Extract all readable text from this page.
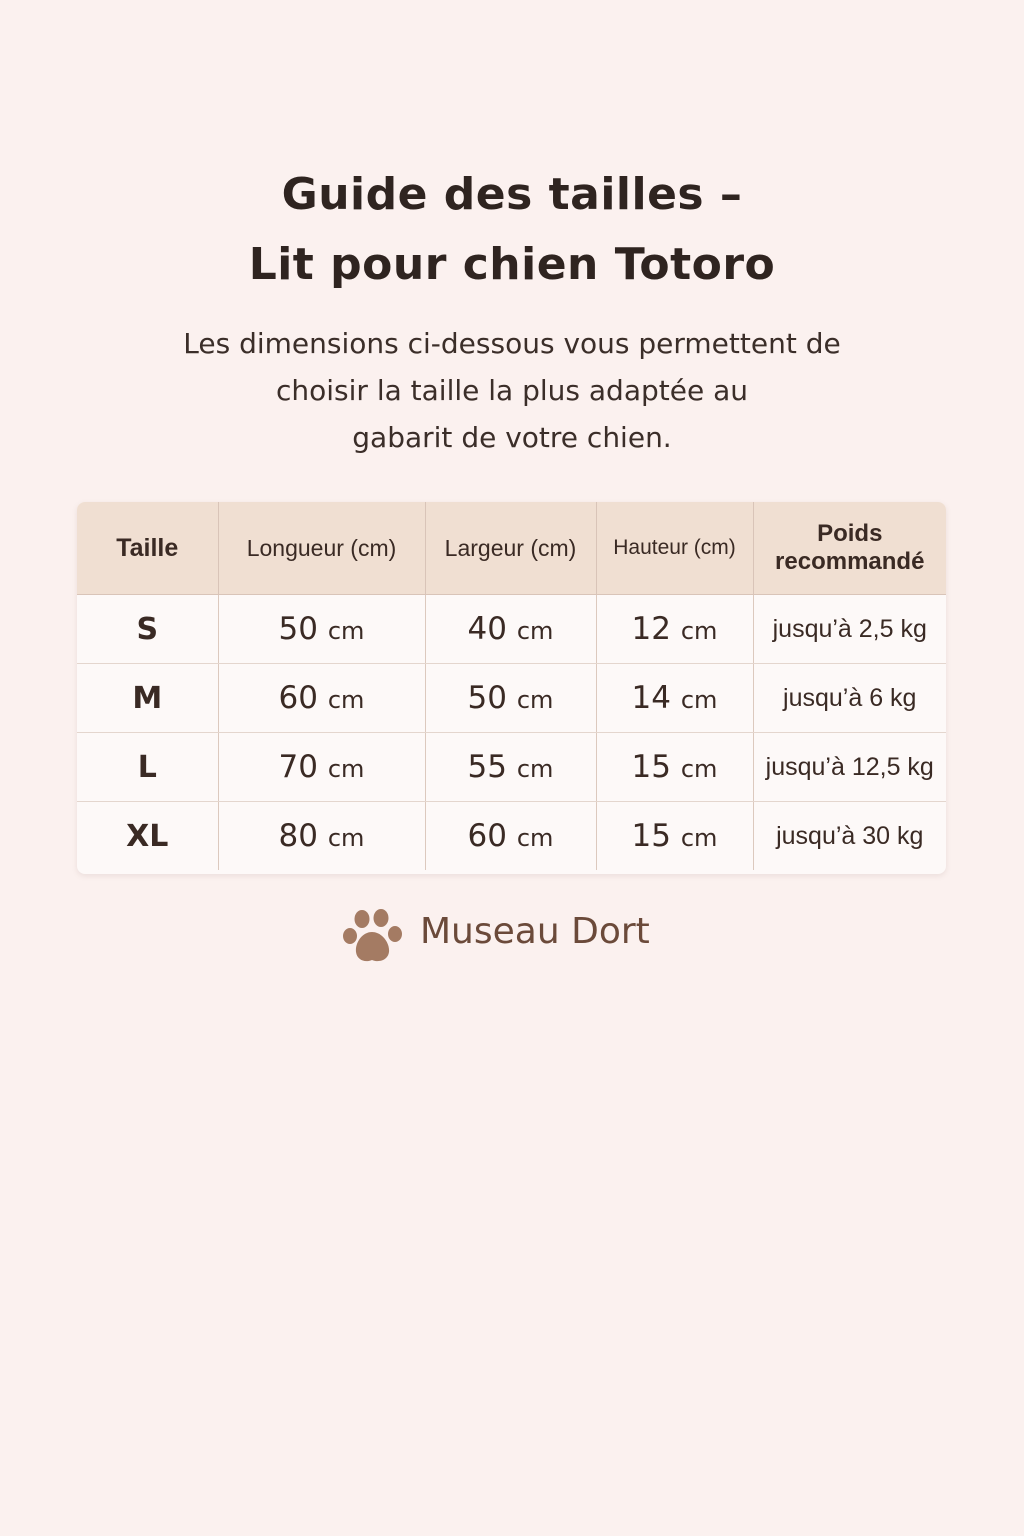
Guide des tailles –
Lit pour chien Totoro
Les dimensions ci-dessous vous permettent de
choisir la taille la plus adaptée au
gabarit de votre chien.
Taille	Longueur (cm)	Largeur (cm)	Hauteur (cm)	Poids
recommandé

S	50 cm	40 cm	12 cm	jusqu’à 2,5 kg
M	60 cm	50 cm	14 cm	jusqu’à 6 kg
L	70 cm	55 cm	15 cm	jusqu’à 12,5 kg
XL	80 cm	60 cm	15 cm	jusqu’à 30 kg
Museau Dort
